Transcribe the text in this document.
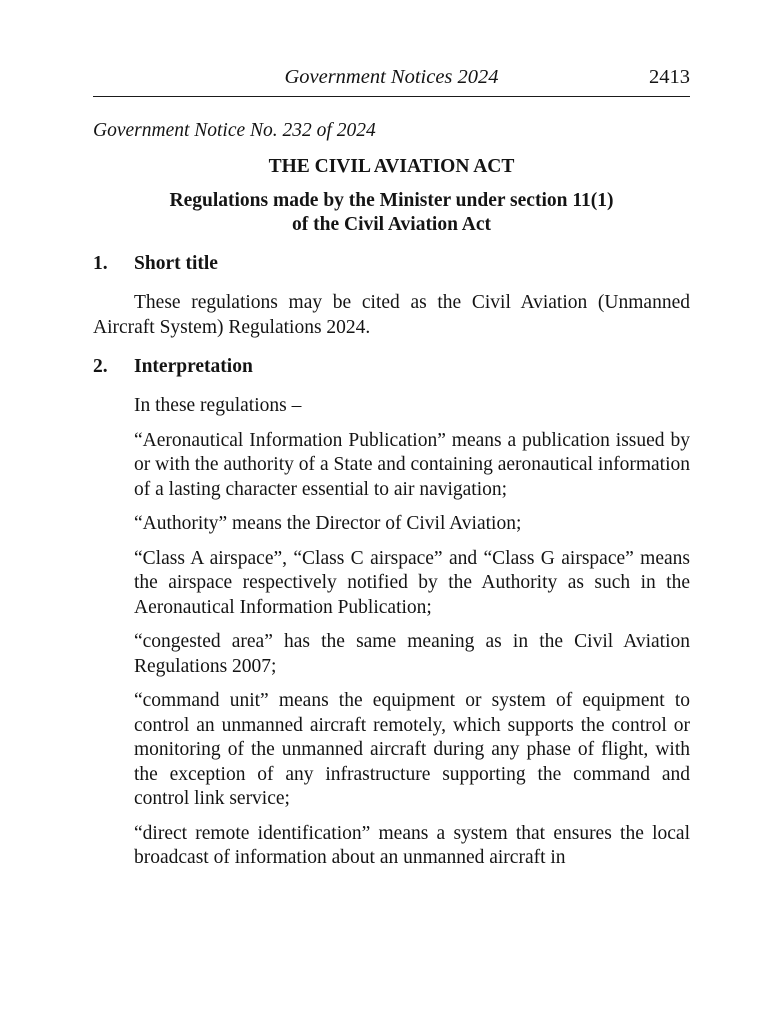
Government Notices 2024	2413
Government Notice No. 232 of 2024
THE CIVIL AVIATION ACT
Regulations made by the Minister under section 11(1)
of the Civil Aviation Act
1.	Short title
These regulations may be cited as the Civil Aviation (Unmanned Aircraft System) Regulations 2024.
2.	Interpretation
In these regulations –
“Aeronautical Information Publication” means a publication issued by or with the authority of a State and containing aeronautical information of a lasting character essential to air navigation;
“Authority” means the Director of Civil Aviation;
“Class A airspace”, “Class C airspace” and “Class G airspace” means the airspace respectively notified by the Authority as such in the Aeronautical Information Publication;
“congested area” has the same meaning as in the Civil Aviation Regulations 2007;
“command unit” means the equipment or system of equipment to control an unmanned aircraft remotely, which supports the control or monitoring of the unmanned aircraft during any phase of flight, with the exception of any infrastructure supporting the command and control link service;
“direct remote identification” means a system that ensures the local broadcast of information about an unmanned aircraft in
